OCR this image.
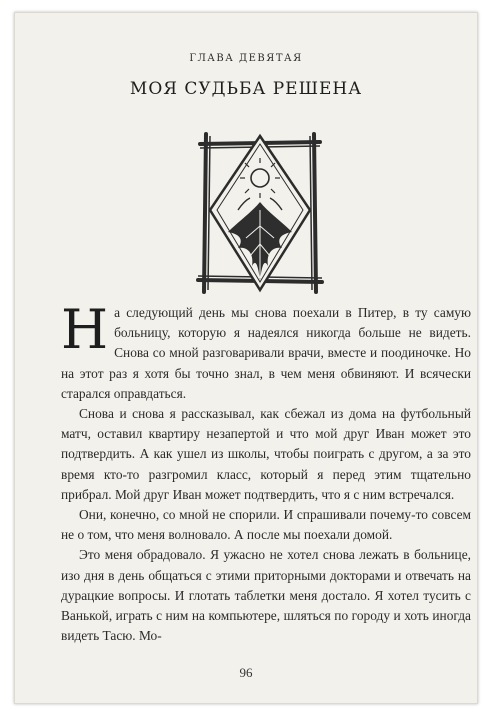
ГЛАВА ДЕВЯТАЯ
МОЯ СУДЬБА РЕШЕНА

На следующий день мы снова поехали в Питер, в ту самую больницу, которую я надеялся никогда больше не видеть. Снова со мной разговаривали врачи, вместе и поодиночке. Но на этот раз я хотя бы точно знал, в чем меня обвиняют. И всячески старался оправдаться.

Снова и снова я рассказывал, как сбежал из дома на футбольный матч, оставил квартиру незапертой и что мой друг Иван может это подтвердить. А как ушел из школы, чтобы поиграть с другом, а за это время кто-то разгромил класс, который я перед этим тщательно прибрал. Мой друг Иван может подтвердить, что я с ним встречался.

Они, конечно, со мной не спорили. И спрашивали почему-то совсем не о том, что меня волновало. А после мы поехали домой.

Это меня обрадовало. Я ужасно не хотел снова лежать в больнице, изо дня в день общаться с этими приторными докторами и отвечать на дурацкие вопросы. И глотать таблетки меня достало. Я хотел тусить с Ванькой, играть с ним на компьютере, шляться по городу и хоть иногда видеть Тасю. Мо-

96
